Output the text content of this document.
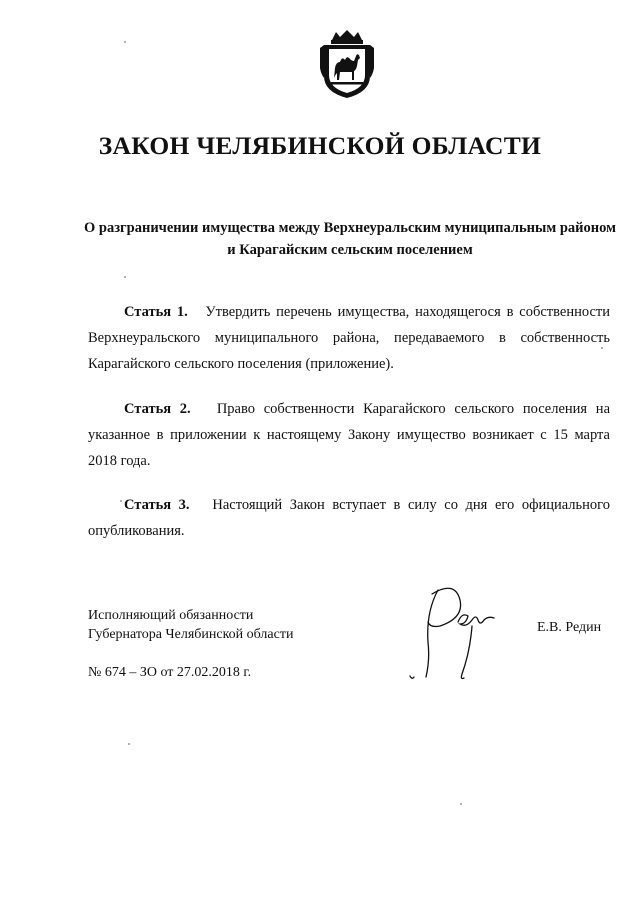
ЗАКОН ЧЕЛЯБИНСКОЙ ОБЛАСТИ
О разграничении имущества между Верхнеуральским муниципальным районом
и Карагайским сельским поселением

Статья 1. Утвердить перечень имущества, находящегося в собственности Верхнеуральского муниципального района, передаваемого в собственность Карагайского сельского поселения (приложение).

Статья 2. Право собственности Карагайского сельского поселения на указанное в приложении к настоящему Закону имущество возникает с 15 марта 2018 года.

Статья 3. Настоящий Закон вступает в силу со дня его официального опубликования.

Исполняющий обязанности
Губернатора Челябинской области	Е.В. Редин
№ 674 – ЗО от 27.02.2018 г.
